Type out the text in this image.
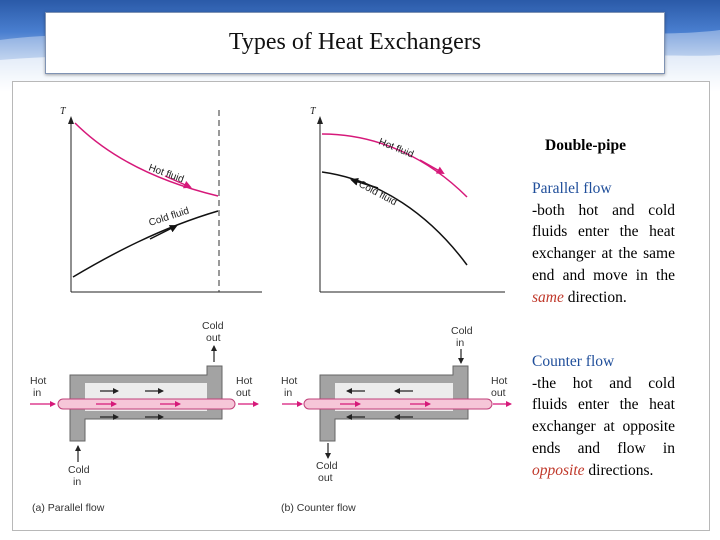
Types of Heat Exchangers
T
Hot fluid
Cold fluid
T
Hot fluid
Cold fluid
Hot in
Hot out
Cold out
Cold in
(a) Parallel flow
Hot in
Hot out
Cold in
Cold out
(b) Counter flow
Double-pipe
Parallel flow
-both hot and cold fluids enter the heat exchanger at the same end and move in the same direction.
Counter flow
-the hot and cold fluids enter the heat exchanger at opposite ends and flow in opposite directions.
